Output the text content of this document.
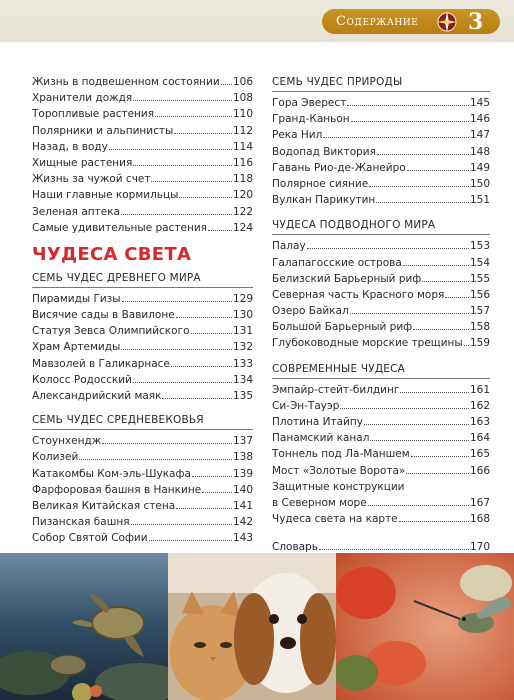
Содержание 3
Жизнь в подвешенном состоянии 106
Хранители дождя	108
Торопливые растения	110
Полярники и альпинисты	112
Назад, в воду	114
Хищные растения	116
Жизнь за чужой счет	118
Наши главные кормильцы	120
Зеленая аптека	122
Самые удивительные растения 124
ЧУДЕСА СВЕТА
СЕМЬ ЧУДЕС ДРЕВНЕГО МИРА
Пирамиды Гизы	129
Висячие сады в Вавилоне	130
Статуя Зевса Олимпийского	131
Храм Артемиды	132
Мавзолей в Галикарнасе	133
Колосс Родосский	134
Александрийский маяк	135
СЕМЬ ЧУДЕС СРЕДНЕВЕКОВЬЯ
Стоунхендж	137
Колизей	138
Катакомбы Ком-эль-Шукафа	139
Фарфоровая башня в Нанкине	140
Великая Китайская стена	141
Пизанская башня	142
Собор Святой Софии	143
СЕМЬ ЧУДЕС ПРИРОДЫ
Гора Эверест	145
Гранд-Каньон	146
Река Нил	147
Водопад Виктория	148
Гавань Рио-де-Жанейро	149
Полярное сияние	150
Вулкан Парикутин	151
ЧУДЕСА ПОДВОДНОГО МИРА
Палау	153
Галапагосские острова	154
Белизский Барьерный риф	155
Северная часть Красного моря 156
Озеро Байкал	157
Большой Барьерный риф	158
Глубоководные морские трещины 159
СОВРЕМЕННЫЕ ЧУДЕСА
Эмпайр-стейт-билдинг	161
Си-Эн-Тауэр	162
Плотина Итайпу	163
Панамский канал	164
Тоннель под Ла-Маншем	165
Мост «Золотые Ворота»	166
Защитные конструкции
в Северном море	167
Чудеса света на карте	168
Словарь	170
